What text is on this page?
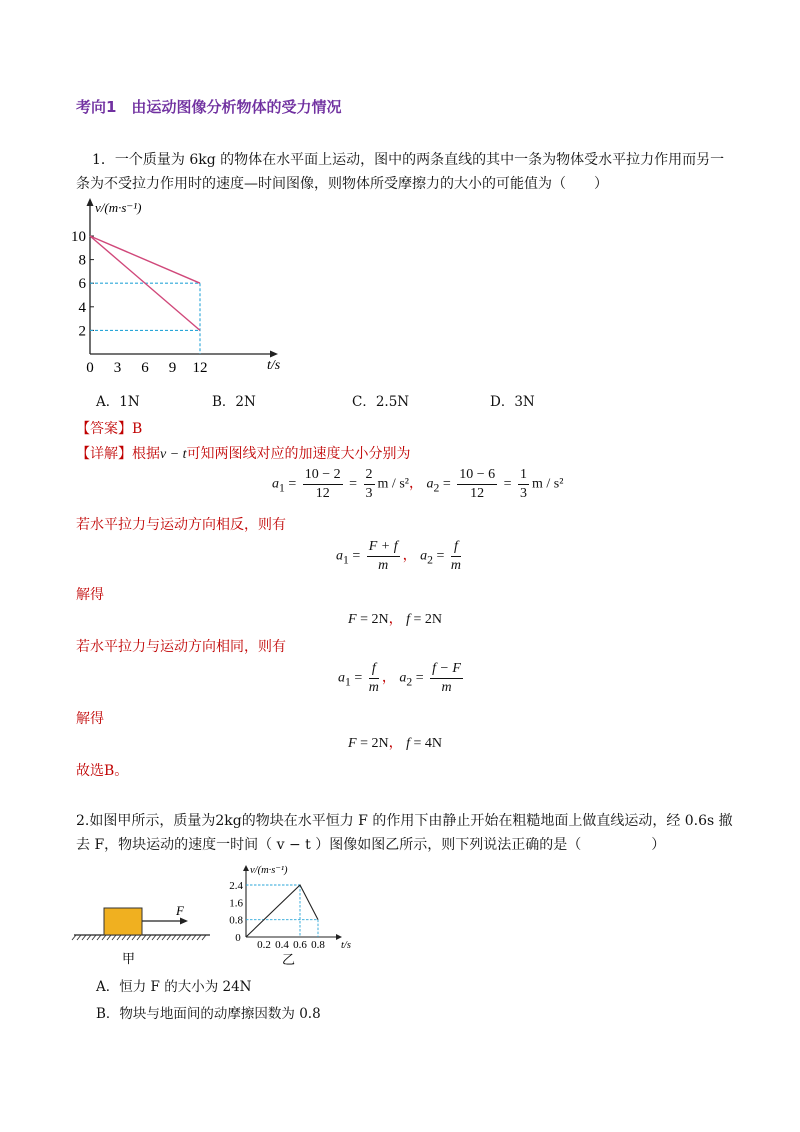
考向1　由运动图像分析物体的受力情况
1．一个质量为 6kg 的物体在水平面上运动，图中的两条直线的其中一条为物体受水平拉力作用而另一
条为不受拉力作用时的速度—时间图像，则物体所受摩擦力的大小的可能值为（　　）
v/(m·s⁻¹)
t/s
0 3 6 9 12
2
4
6
8
10
A．1N	B．2N	C．2.5N	D．3N
【答案】B
【详解】根据v − t可知两图线对应的加速度大小分别为
$a_1 = \frac{10 - 2}{12} = \frac{2}{3}$ m / s²， $a_2 = \frac{10 - 6}{12} = \frac{1}{3}$ m / s²
若水平拉力与运动方向相反，则有
$a_1 = \frac{F + f}{m}$ ， $a_2 = \frac{f}{m}$
解得
F = 2N， f = 2N
若水平拉力与运动方向相同，则有
$a_1 = \frac{f}{m}$ ， $a_2 = \frac{f - F}{m}$
解得
F = 2N， f = 4N
故选B。
2.如图甲所示，质量为2kg的物块在水平恒力 F 的作用下由静止开始在粗糙地面上做直线运动，经 0.6s 撤
去 F，物块运动的速度一时间（ v − t ）图像如图乙所示，则下列说法正确的是（　　　　　）
F
甲
v/(m·s⁻¹)
t/s
0
0.2 0.4 0.6 0.8
0.8
1.6
2.4
乙
A．恒力 F 的大小为 24N
B．物块与地面间的动摩擦因数为 0.8
